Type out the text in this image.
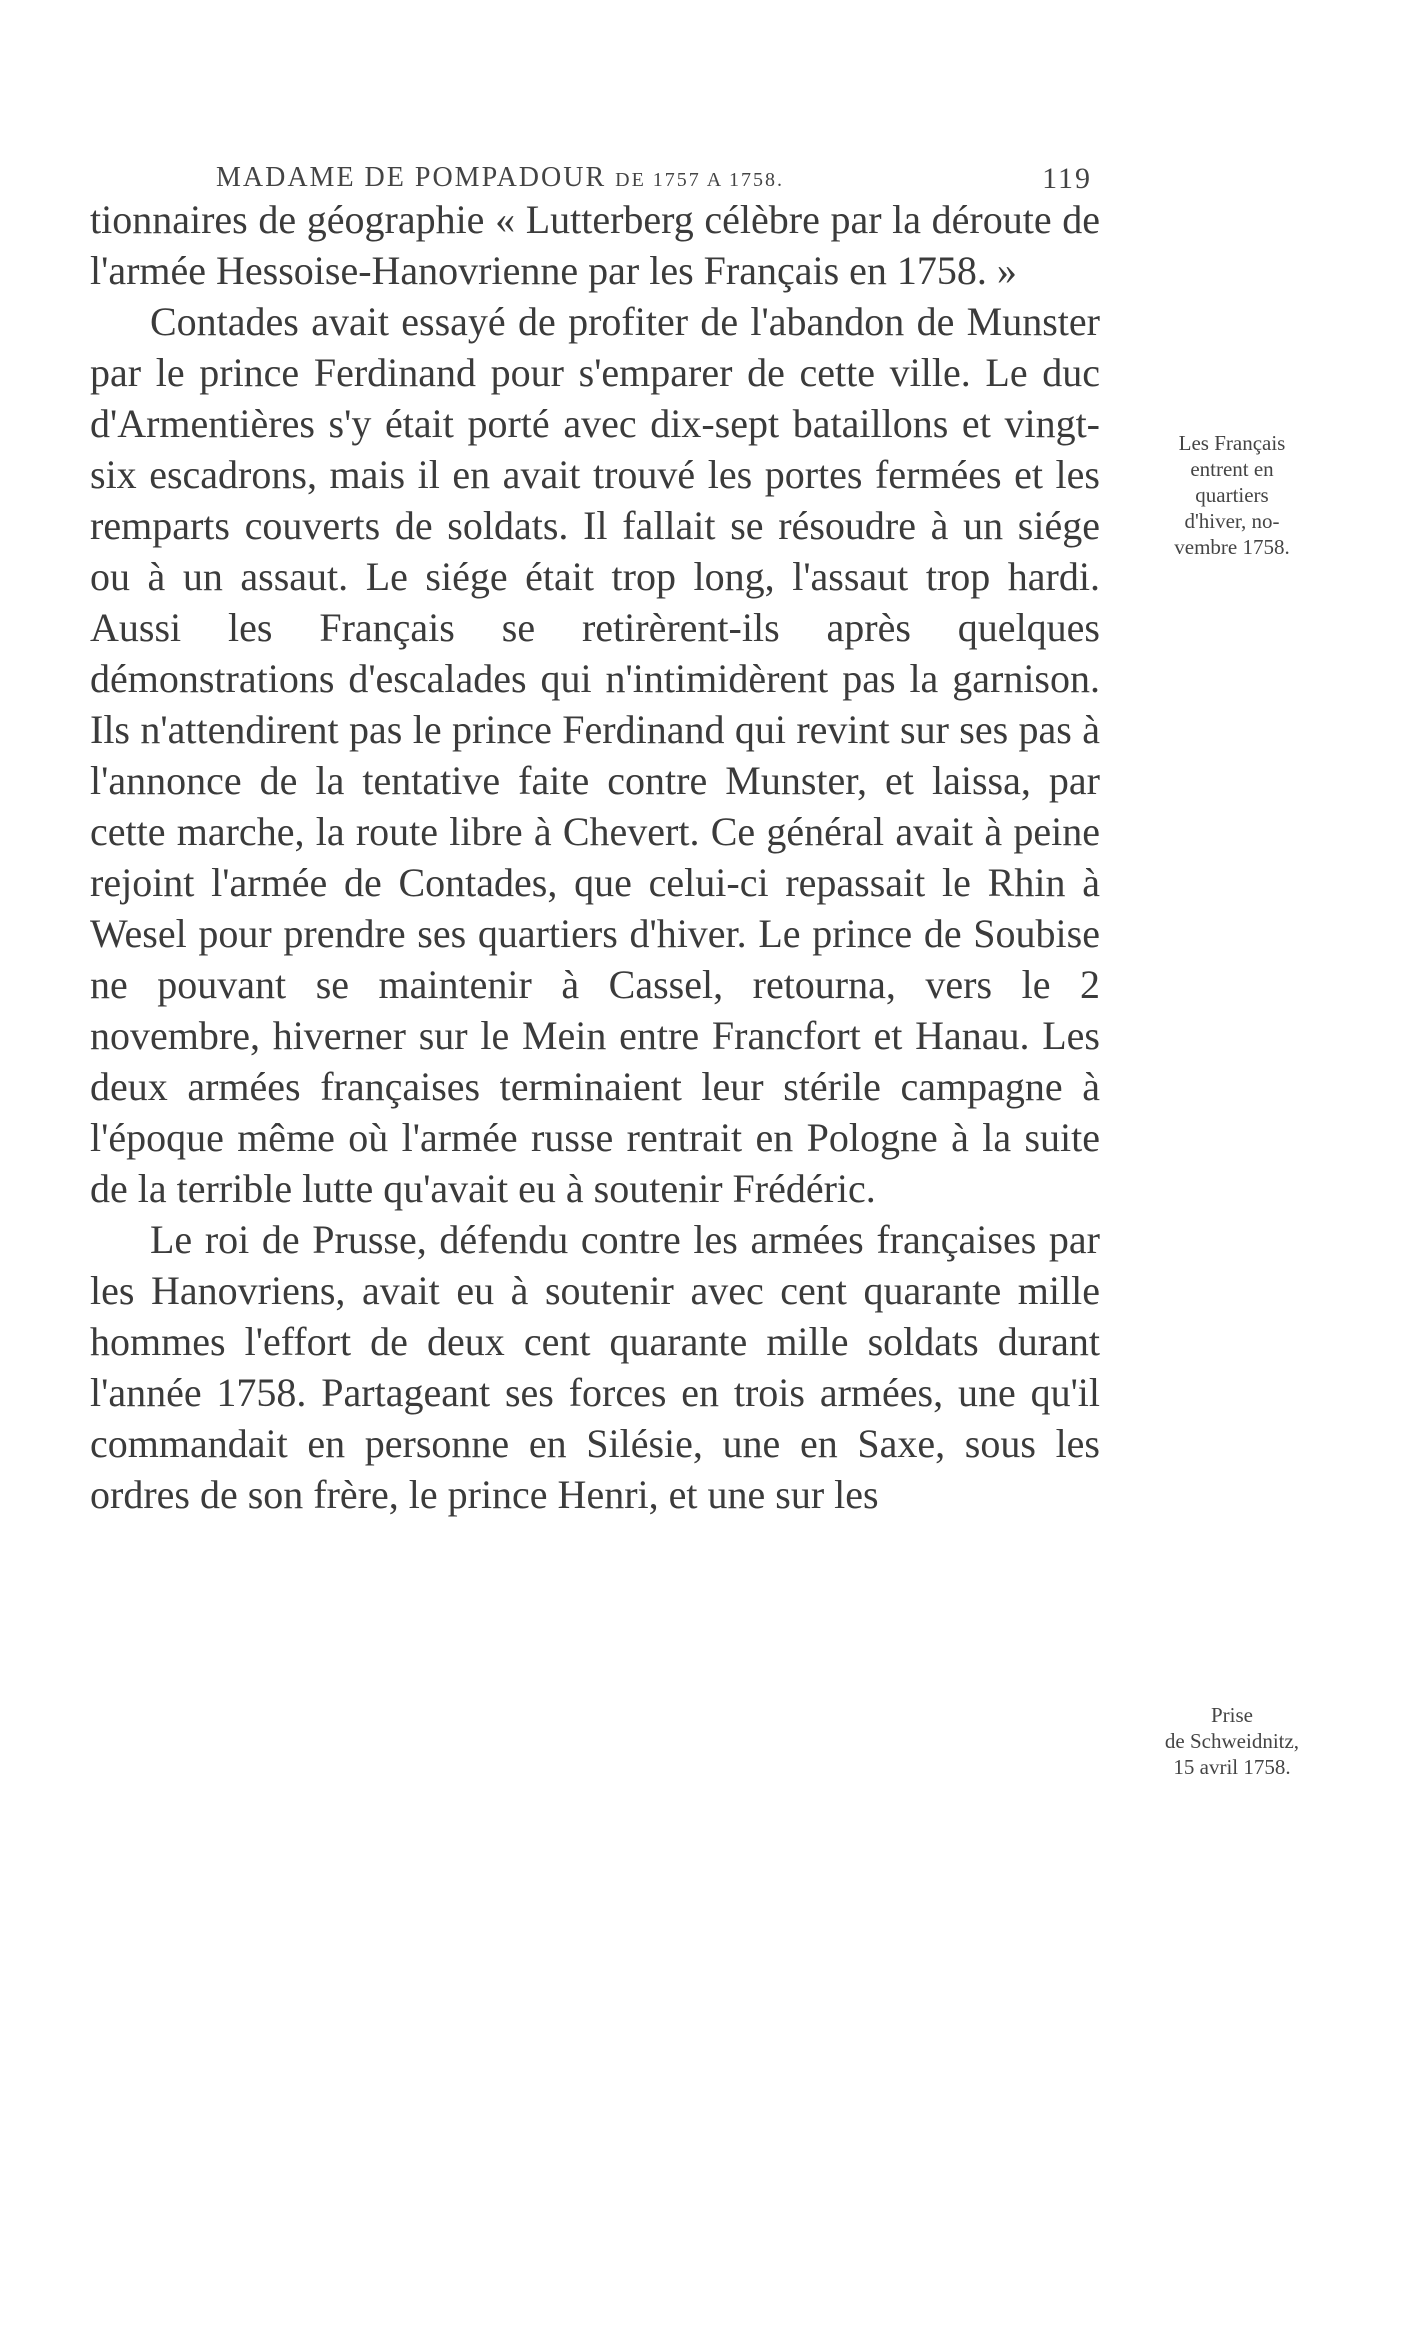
MADAME DE POMPADOUR DE 1757 A 1758.	119

tionnaires de géographie « Lutterberg célèbre par la déroute de l'armée Hessoise-Hanovrienne par les Français en 1758. »

Contades avait essayé de profiter de l'abandon de Munster par le prince Ferdinand pour s'emparer de cette ville. Le duc d'Armentières s'y était porté avec dix-sept bataillons et vingt-six escadrons, mais il en avait trouvé les portes fermées et les remparts couverts de soldats. Il fallait se résoudre à un siége ou à un assaut. Le siége était trop long, l'assaut trop hardi. Aussi les Français se retirèrent-ils après quelques démonstrations d'escalades qui n'intimidèrent pas la garnison. Ils n'attendirent pas le prince Ferdinand qui revint sur ses pas à l'annonce de la tentative faite contre Munster, et laissa, par cette marche, la route libre à Chevert. Ce général avait à peine rejoint l'armée de Contades, que celui-ci repassait le Rhin à Wesel pour prendre ses quartiers d'hiver. Le prince de Soubise ne pouvant se maintenir à Cassel, retourna, vers le 2 novembre, hiverner sur le Mein entre Francfort et Hanau. Les deux armées françaises terminaient leur stérile campagne à l'époque même où l'armée russe rentrait en Pologne à la suite de la terrible lutte qu'avait eu à soutenir Frédéric.

Le roi de Prusse, défendu contre les armées françaises par les Hanovriens, avait eu à soutenir avec cent quarante mille hommes l'effort de deux cent quarante mille soldats durant l'année 1758. Partageant ses forces en trois armées, une qu'il commandait en personne en Silésie, une en Saxe, sous les ordres de son frère, le prince Henri, et une sur les

Les Français
entrent en
quartiers
d'hiver, no-
vembre 1758.
Prise
de Schweidnitz,
15 avril 1758.
